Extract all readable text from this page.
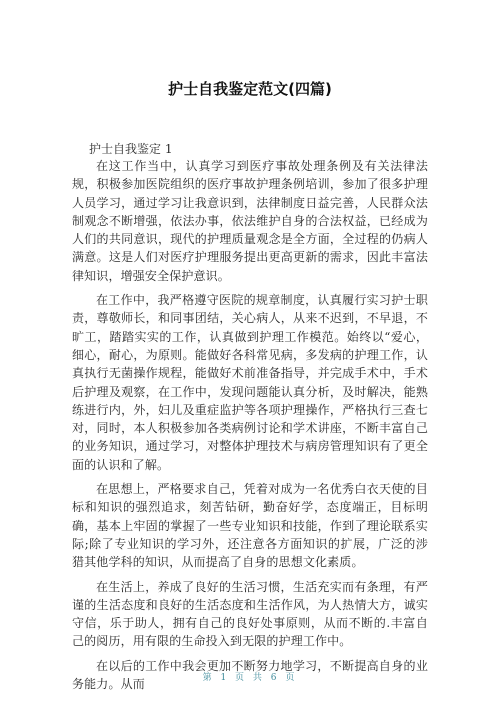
护士自我鉴定范文(四篇)
护士自我鉴定 1

在这工作当中，认真学习到医疗事故处理条例及有关法律法规，积极参加医院组织的医疗事故护理条例培训，参加了很多护理人员学习，通过学习让我意识到，法律制度日益完善，人民群众法制观念不断增强，依法办事，依法维护自身的合法权益，已经成为人们的共同意识，现代的护理质量观念是全方面，全过程的仍病人满意。这是人们对医疗护理服务提出更高更新的需求，因此丰富法律知识，增强安全保护意识。

在工作中，我严格遵守医院的规章制度，认真履行实习护士职责，尊敬师长，和同事团结，关心病人，从来不迟到，不早退，不旷工，踏踏实实的工作，认真做到护理工作模范。始终以“爱心，细心，耐心，为原则。能做好各科常见病，多发病的护理工作，认真执行无菌操作规程，能做好术前准备指导，并完成手术中，手术后护理及观察，在工作中，发现问题能认真分析，及时解决，能熟练进行内，外，妇儿及重症监护等各项护理操作，严格执行三查七对，同时，本人积极参加各类病例讨论和学术讲座，不断丰富自己的业务知识，通过学习，对整体护理技术与病房管理知识有了更全面的认识和了解。

在思想上，严格要求自己，凭着对成为一名优秀白衣天使的目标和知识的强烈追求，刻苦钻研，勤奋好学，态度端正，目标明确，基本上牢固的掌握了一些专业知识和技能，作到了理论联系实际;除了专业知识的学习外，还注意各方面知识的扩展，广泛的涉猎其他学科的知识，从而提高了自身的思想文化素质。

在生活上，养成了良好的生活习惯，生活充实而有条理，有严谨的生活态度和良好的生活态度和生活作风，为人热情大方，诚实守信，乐于助人，拥有自己的良好处事原则，从而不断的.丰富自己的阅历，用有限的生命投入到无限的护理工作中。

在以后的工作中我会更加不断努力地学习，不断提高自身的业务能力。从而	第 1 页 共 6 页
